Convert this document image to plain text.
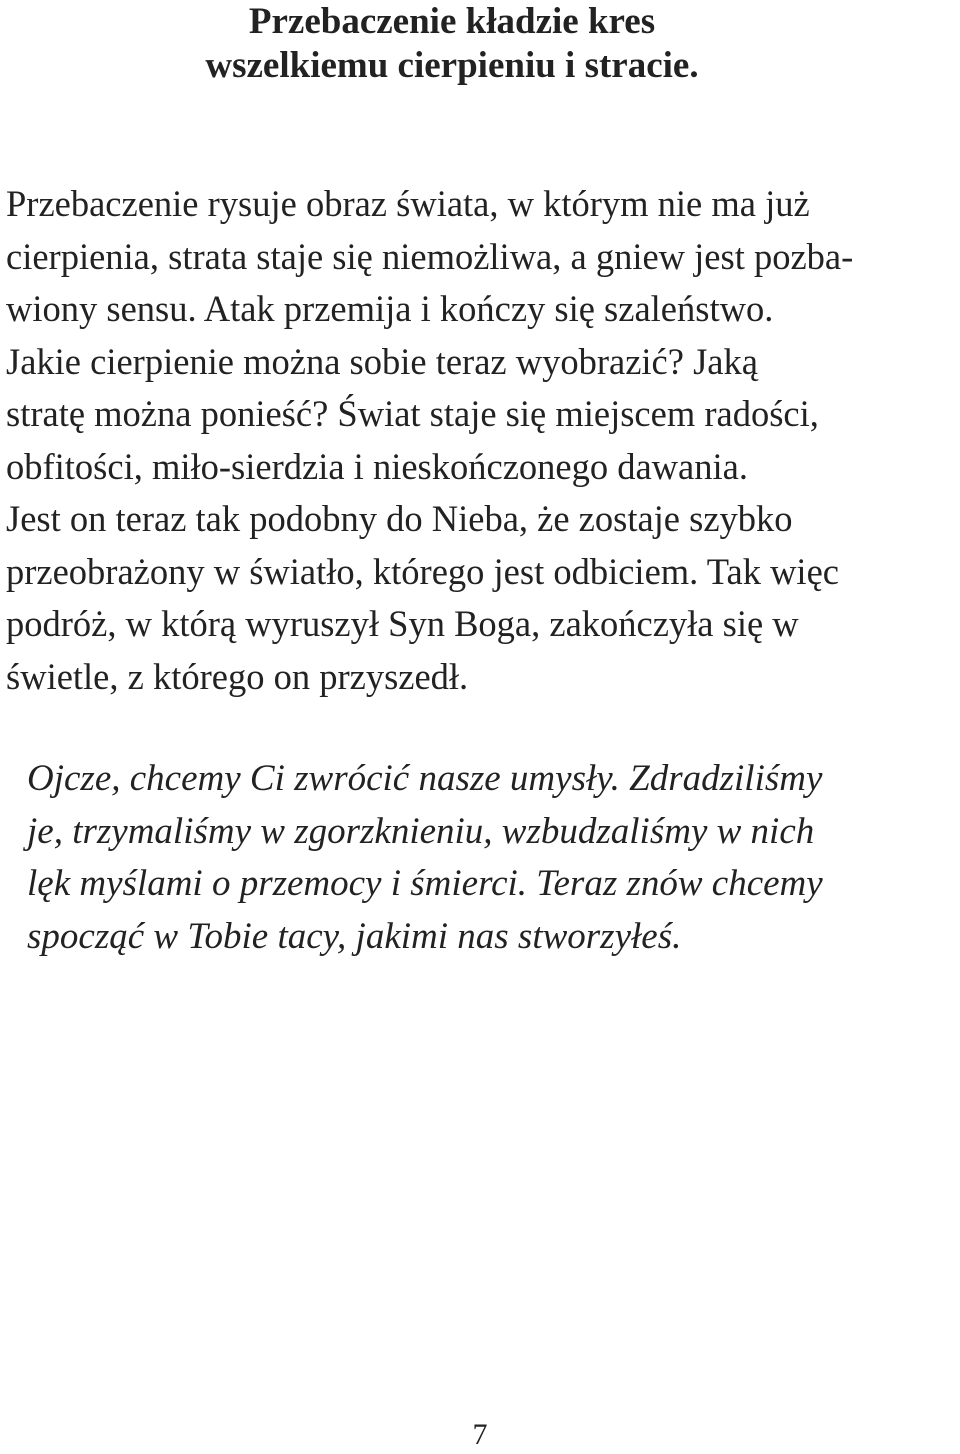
Przebaczenie kładzie kres
wszelkiemu cierpieniu i stracie.

Przebaczenie rysuje obraz świata, w którym nie ma już
cierpienia, strata staje się niemożliwa, a gniew jest pozba-
wiony sensu. Atak przemija i kończy się szaleństwo.
Jakie cierpienie można sobie teraz wyobrazić? Jaką
stratę można ponieść? Świat staje się miejscem radości,
obfitości, miło-sierdzia i nieskończonego dawania.
Jest on teraz tak podobny do Nieba, że zostaje szybko
przeobrażony w światło, którego jest odbiciem. Tak więc
podróż, w którą wyruszył Syn Boga, zakończyła się w
świetle, z którego on przyszedł.

Ojcze, chcemy Ci zwrócić nasze umysły. Zdradziliśmy
je, trzymaliśmy w zgorzknieniu, wzbudzaliśmy w nich
lęk myślami o przemocy i śmierci. Teraz znów chcemy
spocząć w Tobie tacy, jakimi nas stworzyłeś.

7
